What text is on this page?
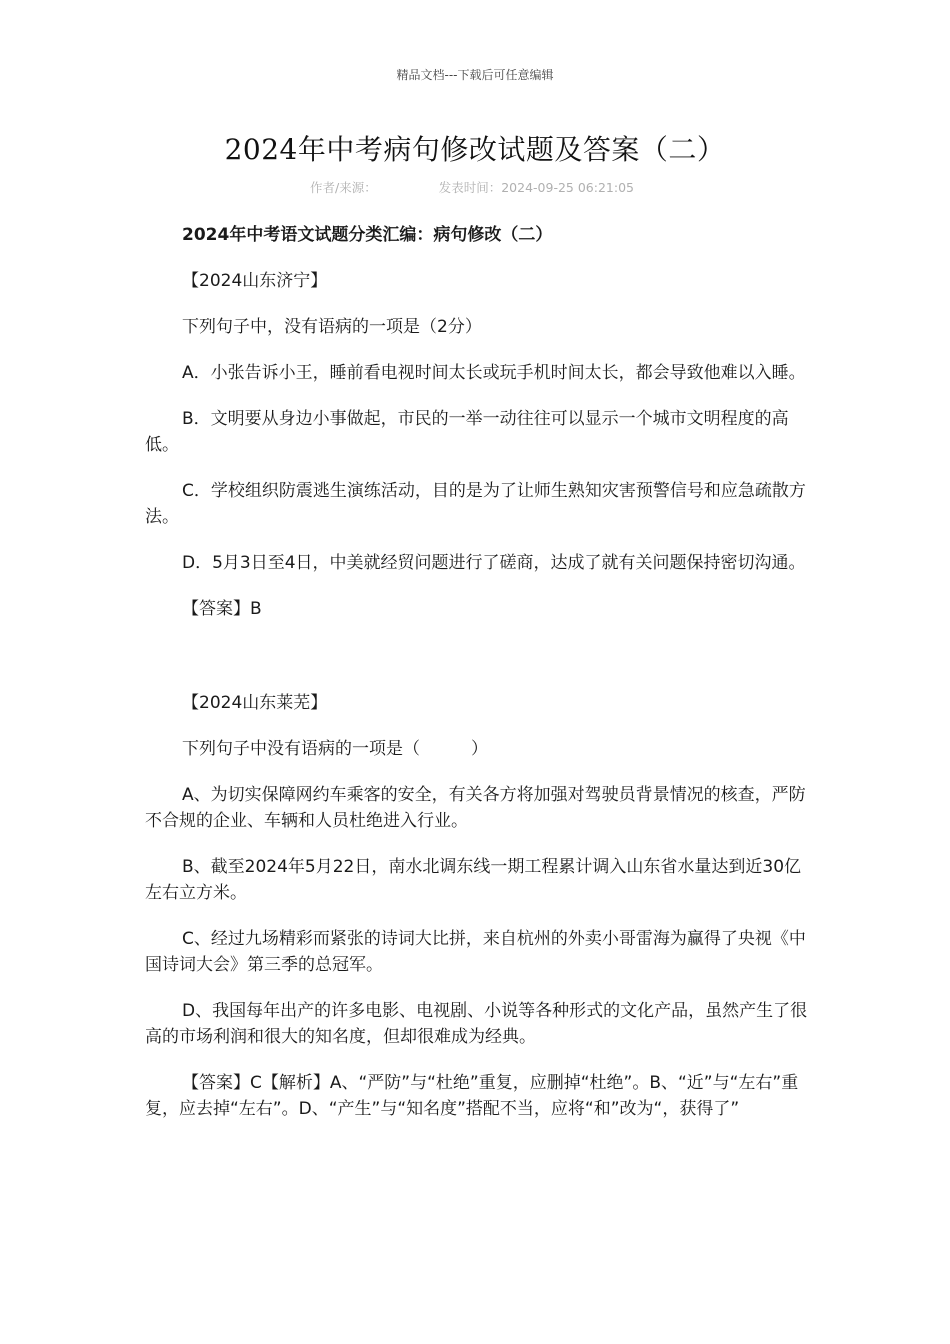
精品文档---下载后可任意编辑
2024年中考病句修改试题及答案（二）
作者/来源：	发表时间：2024-09-25 06:21:05

2024年中考语文试题分类汇编：病句修改（二）

【2024山东济宁】

下列句子中，没有语病的一项是（2分）

A．小张告诉小王，睡前看电视时间太长或玩手机时间太长，都会导致他难以入睡。

B．文明要从身边小事做起，市民的一举一动往往可以显示一个城市文明程度的高低。

C．学校组织防震逃生演练活动，目的是为了让师生熟知灾害预警信号和应急疏散方法。

D．5月3日至4日，中美就经贸问题进行了磋商，达成了就有关问题保持密切沟通。

【答案】B

【2024山东莱芜】

下列句子中没有语病的一项是（　　　）

A、为切实保障网约车乘客的安全，有关各方将加强对驾驶员背景情况的核查，严防不合规的企业、车辆和人员杜绝进入行业。

B、截至2024年5月22日，南水北调东线一期工程累计调入山东省水量达到近30亿左右立方米。

C、经过九场精彩而紧张的诗词大比拼，来自杭州的外卖小哥雷海为赢得了央视《中国诗词大会》第三季的总冠军。

D、我国每年出产的许多电影、电视剧、小说等各种形式的文化产品，虽然产生了很高的市场利润和很大的知名度，但却很难成为经典。

【答案】C【解析】A、“严防”与“杜绝”重复，应删掉“杜绝”。B、“近”与“左右”重复，应去掉“左右”。D、“产生”与“知名度”搭配不当，应将“和”改为“，获得了”
